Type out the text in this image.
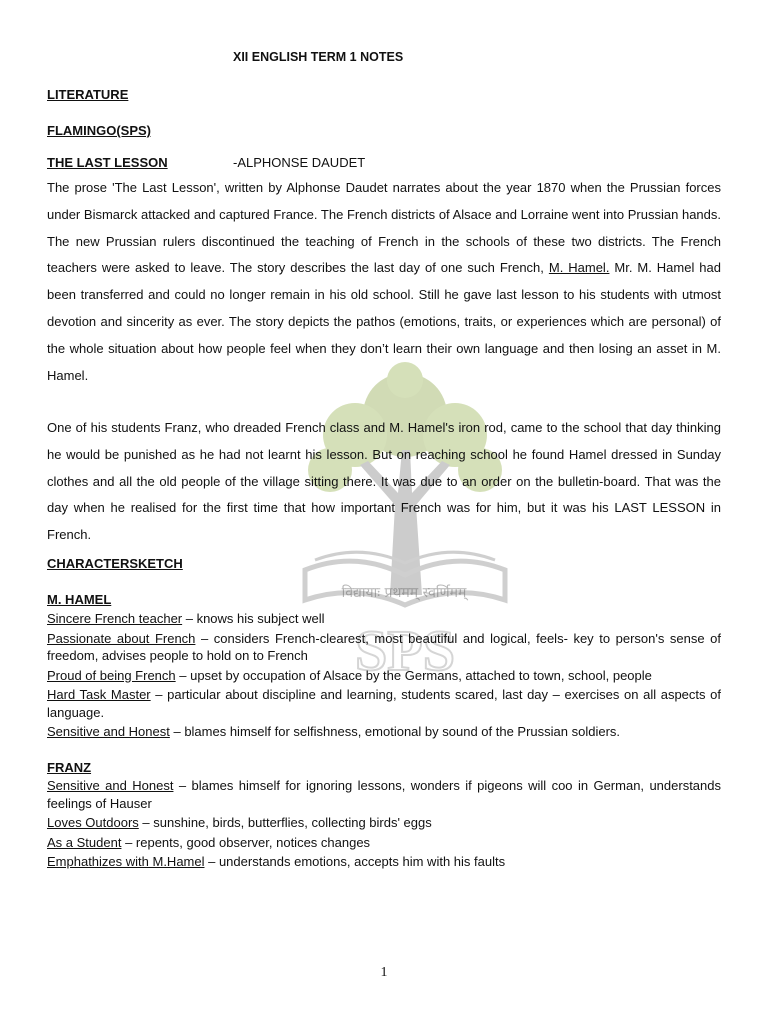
SPS
विद्यायाः प्रथमम् स्वर्णिमम्
XII ENGLISH TERM 1 NOTES
LITERATURE
FLAMINGO(SPS)
THE LAST LESSON	-ALPHONSE DAUDET

The prose 'The Last Lesson', written by Alphonse Daudet narrates about the year 1870 when the Prussian forces under Bismarck attacked and captured France. The French districts of Alsace and Lorraine went into Prussian hands. The new Prussian rulers discontinued the teaching of French in the schools of these two districts. The French teachers were asked to leave. The story describes the last day of one such French, M. Hamel. Mr. M. Hamel had been transferred and could no longer remain in his old school. Still he gave last lesson to his students with utmost devotion and sincerity as ever. The story depicts the pathos (emotions, traits, or experiences which are personal) of the whole situation about how people feel when they don’t learn their own language and then losing an asset in M. Hamel.

One of his students Franz, who dreaded French class and M. Hamel's iron rod, came to the school that day thinking he would be punished as he had not learnt his lesson. But on reaching school he found Hamel dressed in Sunday clothes and all the old people of the village sitting there. It was due to an order on the bulletin-board. That was the day when he realised for the first time that how important French was for him, but it was his LAST LESSON in French.

CHARACTERSKETCH
M. HAMEL

Sincere French teacher – knows his subject well

Passionate about French – considers French-clearest, most beautiful and logical, feels- key to person's sense of freedom, advises people to hold on to French

Proud of being French – upset by occupation of Alsace by the Germans, attached to town, school, people

Hard Task Master – particular about discipline and learning, students scared, last day – exercises on all aspects of language.

Sensitive and Honest – blames himself for selfishness, emotional by sound of the Prussian soldiers.

FRANZ

Sensitive and Honest – blames himself for ignoring lessons, wonders if pigeons will coo in German, understands feelings of Hauser

Loves Outdoors – sunshine, birds, butterflies, collecting birds' eggs

As a Student – repents, good observer, notices changes

Emphathizes with M.Hamel – understands emotions, accepts him with his faults

1
